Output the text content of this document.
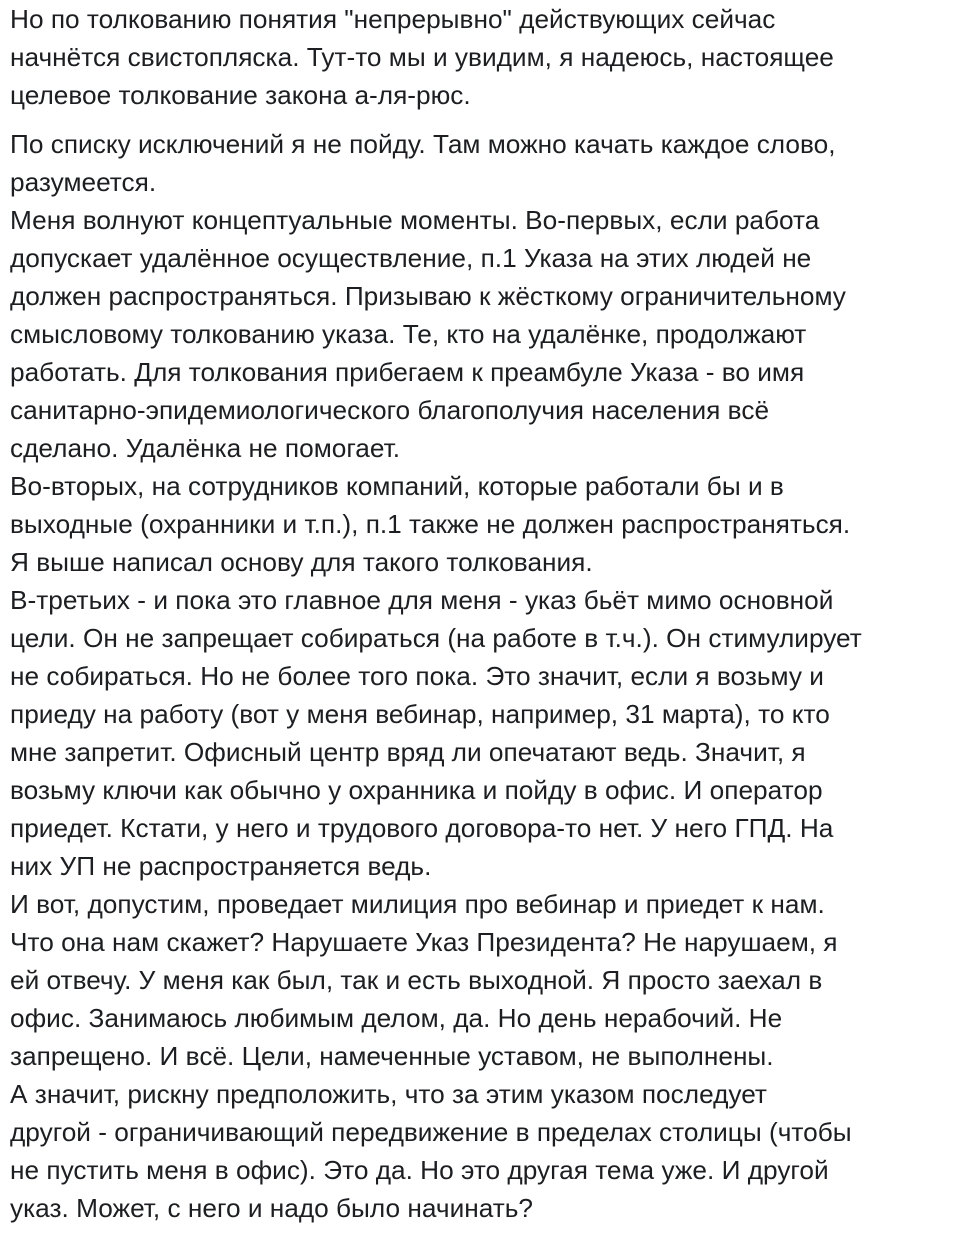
Но по толкованию понятия "непрерывно" действующих сейчас
начнётся свистопляска. Тут-то мы и увидим, я надеюсь, настоящее
целевое толкование закона а-ля-рюс.
По списку исключений я не пойду. Там можно качать каждое слово,
разумеется.
Меня волнуют концептуальные моменты. Во-первых, если работа
допускает удалённое осуществление, п.1 Указа на этих людей не
должен распространяться. Призываю к жёсткому ограничительному
смысловому толкованию указа. Те, кто на удалёнке, продолжают
работать. Для толкования прибегаем к преамбуле Указа - во имя
санитарно-эпидемиологического благополучия населения всё
сделано. Удалёнка не помогает.
Во-вторых, на сотрудников компаний, которые работали бы и в
выходные (охранники и т.п.), п.1 также не должен распространяться.
Я выше написал основу для такого толкования.
В-третьих - и пока это главное для меня - указ бьёт мимо основной
цели. Он не запрещает собираться (на работе в т.ч.). Он стимулирует
не собираться. Но не более того пока. Это значит, если я возьму и
приеду на работу (вот у меня вебинар, например, 31 марта), то кто
мне запретит. Офисный центр вряд ли опечатают ведь. Значит, я
возьму ключи как обычно у охранника и пойду в офис. И оператор
приедет. Кстати, у него и трудового договора-то нет. У него ГПД. На
них УП не распространяется ведь.
И вот, допустим, проведает милиция про вебинар и приедет к нам.
Что она нам скажет? Нарушаете Указ Президента? Не нарушаем, я
ей отвечу. У меня как был, так и есть выходной. Я просто заехал в
офис. Занимаюсь любимым делом, да. Но день нерабочий. Не
запрещено. И всё. Цели, намеченные уставом, не выполнены.
А значит, рискну предположить, что за этим указом последует
другой - ограничивающий передвижение в пределах столицы (чтобы
не пустить меня в офис). Это да. Но это другая тема уже. И другой
указ. Может, с него и надо было начинать?
